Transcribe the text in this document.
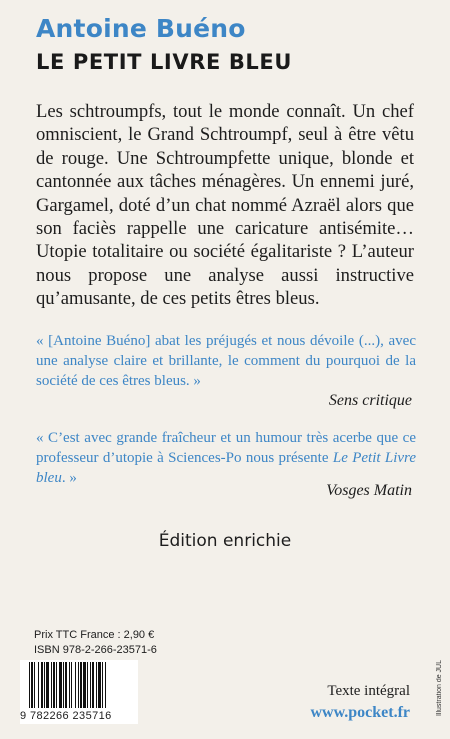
Antoine Buéno
LE PETIT LIVRE BLEU
Les schtroumpfs, tout le monde connaît. Un chef omniscient, le Grand Schtroumpf, seul à être vêtu de rouge. Une Schtroumpfette unique, blonde et cantonnée aux tâches ménagères. Un ennemi juré, Gargamel, doté d’un chat nommé Azraël alors que son faciès rappelle une caricature antisémite… Utopie totalitaire ou société égalitariste ? L’auteur nous propose une analyse aussi instructive qu’amusante, de ces petits êtres bleus.
« [Antoine Buéno] abat les préjugés et nous dévoile (...), avec une analyse claire et brillante, le comment du pourquoi de la société de ces êtres bleus. »
Sens critique
« C’est avec grande fraîcheur et un humour très acerbe que ce professeur d’utopie à Sciences-Po nous présente Le Petit Livre bleu. »
Vosges Matin
Édition enrichie
Prix TTC France : 2,90 €
ISBN 978-2-266-23571-6
9 782266 235716
Texte intégral
www.pocket.fr	Illustration de JUL
